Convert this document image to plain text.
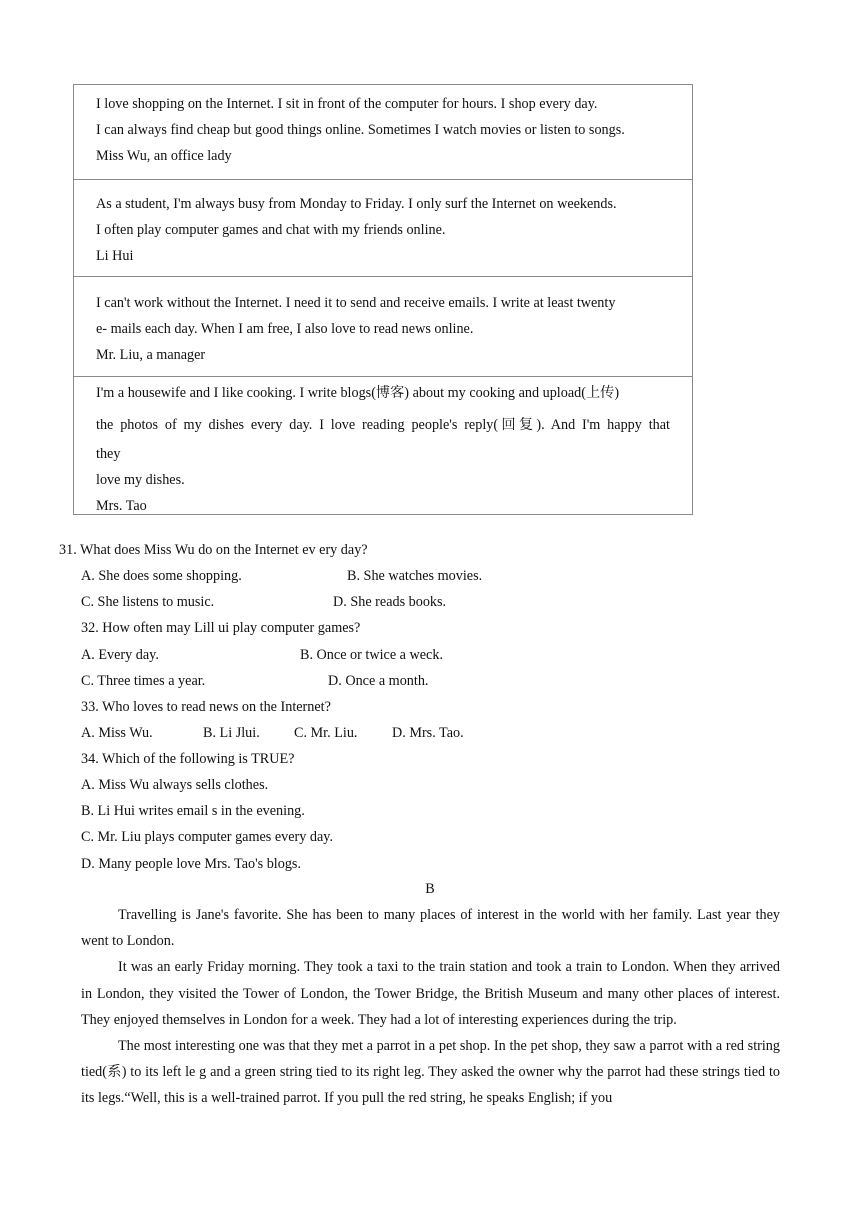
I love shopping on the Internet. I sit in front of the computer for hours. I shop every day.
I can always find cheap but good things online. Sometimes I watch movies or listen to songs.
Miss Wu, an office lady
As a student, I'm always busy from Monday to Friday. I only surf the Internet on weekends.
I often play computer games and chat with my friends online.
Li Hui
I can't work without the Internet. I need it to send and receive emails. I write at least twenty
e- mails each day. When I am free, I also love to read news online.
Mr. Liu, a manager
I'm a housewife and I like cooking. I write blogs(博客) about my cooking and upload(上传)
the photos of my dishes every day. I love reading people's reply(回复). And I'm happy that
they
love my dishes.
Mrs. Tao
31. What does Miss Wu do on the Internet ev ery day?
A. She does some shopping.	B. She watches movies.
C. She listens to music.	D. She reads books.
32. How often may Lill ui play computer games?
A. Every day.	B. Once or twice a weck.
C. Three times a year.	D. Once a month.
33. Who loves to read news on the Internet?
A. Miss Wu.	B. Li Jlui. C. Mr. Liu. D. Mrs. Tao.
34. Which of the following is TRUE?
A. Miss Wu always sells clothes.
B. Li Hui writes email s in the evening.
C. Mr. Liu plays computer games every day.
D. Many people love Mrs. Tao's blogs.
B

Travelling is Jane's favorite. She has been to many places of interest in the world with her family. Last year they went to London.

It was an early Friday morning. They took a taxi to the train station and took a train to London. When they arrived in London, they visited the Tower of London, the Tower Bridge, the British Museum and many other places of interest. They enjoyed themselves in London for a week. They had a lot of interesting experiences during the trip.

The most interesting one was that they met a parrot in a pet shop. In the pet shop, they saw a parrot with a red string tied(系) to its left le g and a green string tied to its right leg. They asked the owner why the parrot had these strings tied to its legs.“Well, this is a well-trained parrot. If you pull the red string, he speaks English; if you
